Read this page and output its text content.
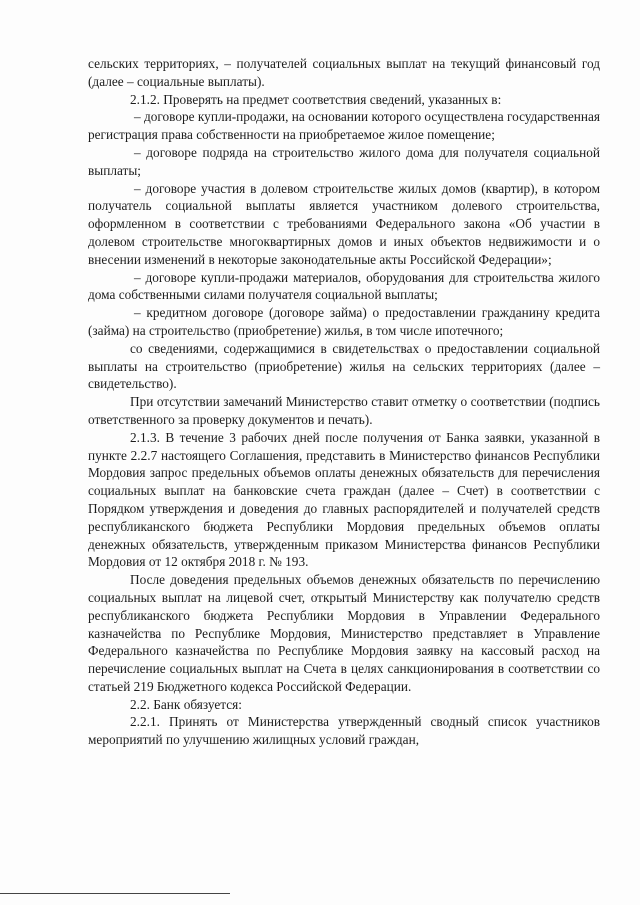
сельских территориях, – получателей социальных выплат на текущий финансовый год (далее – социальные выплаты).

2.1.2. Проверять на предмет соответствия сведений, указанных в:

– договоре купли-продажи, на основании которого осуществлена государственная регистрация права собственности на приобретаемое жилое помещение;

– договоре подряда на строительство жилого дома для получателя социальной выплаты;

– договоре участия в долевом строительстве жилых домов (квартир), в котором получатель социальной выплаты является участником долевого строительства, оформленном в соответствии с требованиями Федерального закона «Об участии в долевом строительстве многоквартирных домов и иных объектов недвижимости и о внесении изменений в некоторые законодательные акты Российской Федерации»;

– договоре купли-продажи материалов, оборудования для строительства жилого дома собственными силами получателя социальной выплаты;

– кредитном договоре (договоре займа) о предоставлении гражданину кредита (займа) на строительство (приобретение) жилья, в том числе ипотечного;

со сведениями, содержащимися в свидетельствах о предоставлении социальной выплаты на строительство (приобретение) жилья на сельских территориях (далее – свидетельство).

При отсутствии замечаний Министерство ставит отметку о соответствии (подпись ответственного за проверку документов и печать).

2.1.3. В течение 3 рабочих дней после получения от Банка заявки, указанной в пункте 2.2.7 настоящего Соглашения, представить в Министерство финансов Республики Мордовия запрос предельных объемов оплаты денежных обязательств для перечисления социальных выплат на банковские счета граждан (далее – Счет) в соответствии с Порядком утверждения и доведения до главных распорядителей и получателей средств республиканского бюджета Республики Мордовия предельных объемов оплаты денежных обязательств, утвержденным приказом Министерства финансов Республики Мордовия от 12 октября 2018 г. № 193.

После доведения предельных объемов денежных обязательств по перечислению социальных выплат на лицевой счет, открытый Министерству как получателю средств республиканского бюджета Республики Мордовия в Управлении Федерального казначейства по Республике Мордовия, Министерство представляет в Управление Федерального казначейства по Республике Мордовия заявку на кассовый расход на перечисление социальных выплат на Счета в целях санкционирования в соответствии со статьей 219 Бюджетного кодекса Российской Федерации.

2.2. Банк обязуется:

2.2.1. Принять от Министерства утвержденный сводный список участников мероприятий по улучшению жилищных условий граждан,
